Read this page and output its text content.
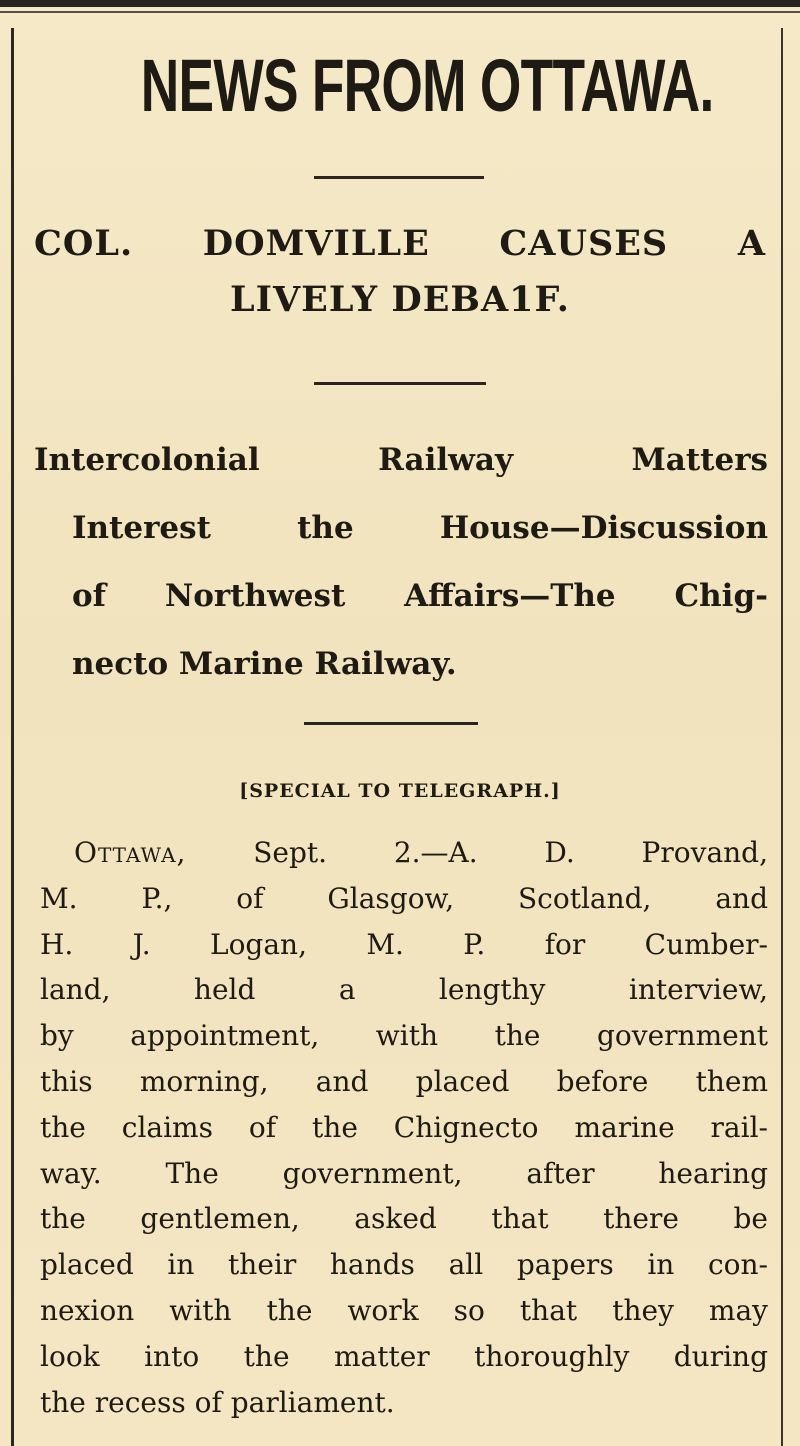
NEWS FROM OTTAWA.
COL. DOMVILLE CAUSES A
LIVELY DEBA1F.
Intercolonial Railway Matters
Interest the House—Discussion
of Northwest Affairs—The Chig-
necto Marine Railway.
[SPECIAL TO TELEGRAPH.]
Ottawa, Sept. 2.—A. D. Provand,
M. P., of Glasgow, Scotland, and
H. J. Logan, M. P. for Cumber-
land, held a lengthy interview,
by appointment, with the government
this morning, and placed before them
the claims of the Chignecto marine rail-
way. The government, after hearing
the gentlemen, asked that there be
placed in their hands all papers in con-
nexion with the work so that they may
look into the matter thoroughly during
the recess of parliament.
